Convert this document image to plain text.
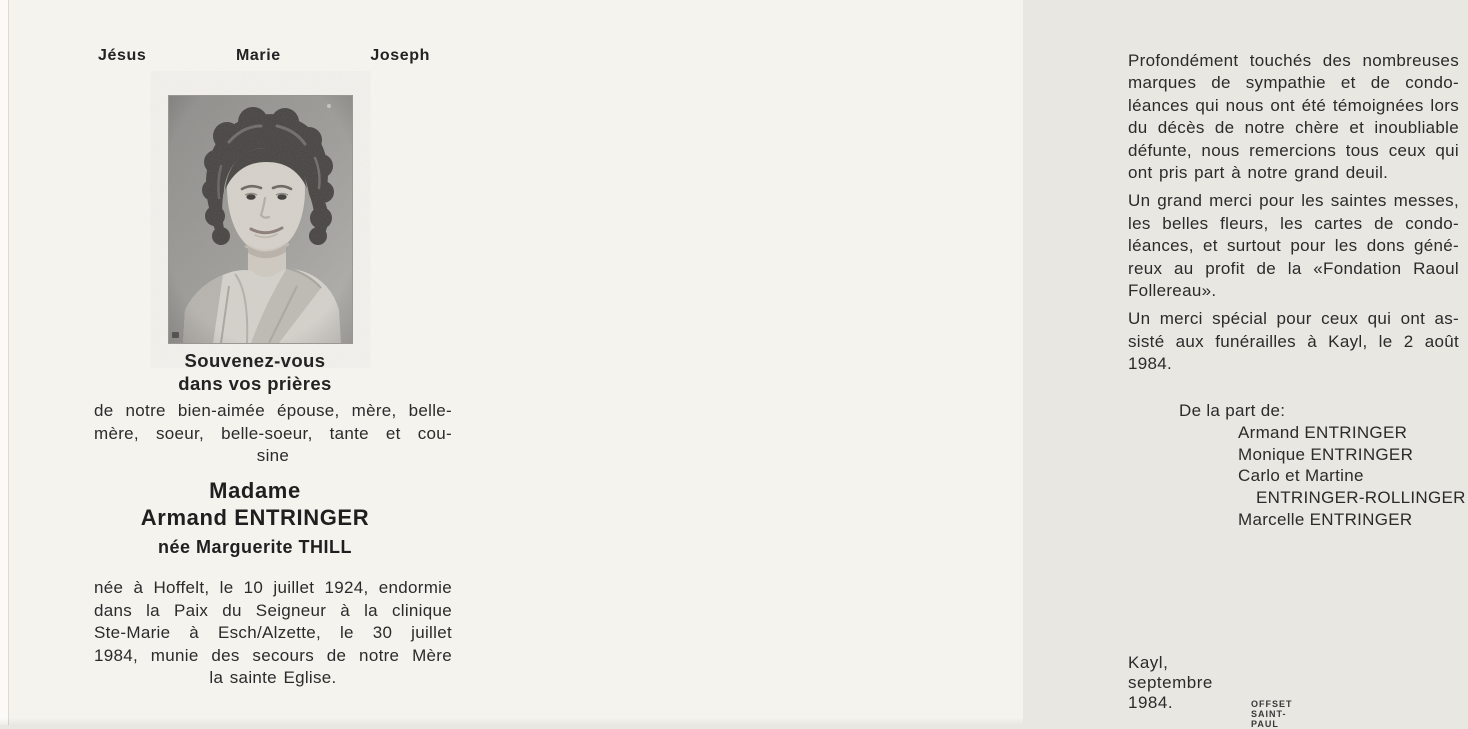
Jésus	Marie	Joseph
Souvenez-vous
dans vos prières
de notre bien-aimée épouse, mère, belle-
mère, soeur, belle-soeur, tante et cou-
sine
Madame
Armand ENTRINGER
née Marguerite THILL
née à Hoffelt, le 10 juillet 1924, endormie
dans la Paix du Seigneur à la clinique
Ste-Marie à Esch/Alzette, le 30 juillet
1984, munie des secours de notre Mère
la sainte Eglise.
Profondément touchés des nombreuses
marques de sympathie et de condo-
léances qui nous ont été témoignées lors
du décès de notre chère et inoubliable
défunte, nous remercions tous ceux qui
ont pris part à notre grand deuil.
Un grand merci pour les saintes messes,
les belles fleurs, les cartes de condo-
léances, et surtout pour les dons géné-
reux au profit de la «Fondation Raoul
Follereau».
Un merci spécial pour ceux qui ont as-
sisté aux funérailles à Kayl, le 2 août
1984.
De la part de:
Armand ENTRINGER
Monique ENTRINGER
Carlo et Martine
ENTRINGER-ROLLINGER
Marcelle ENTRINGER
Kayl, septembre 1984.	OFFSET SAINT-PAUL
